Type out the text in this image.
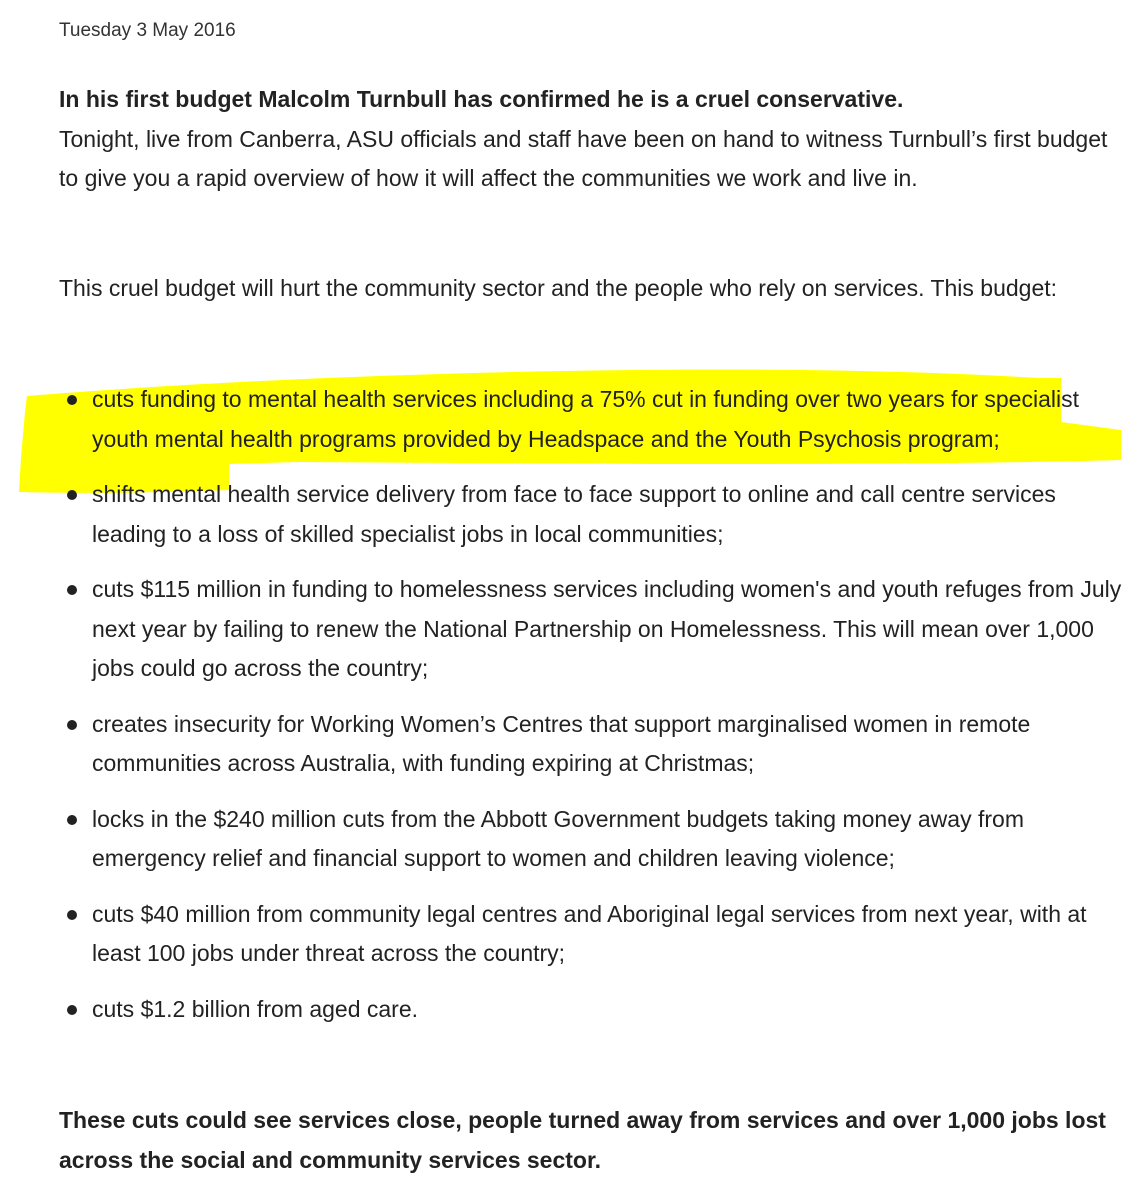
Tuesday 3 May 2016

In his first budget Malcolm Turnbull has confirmed he is a cruel conservative.
Tonight, live from Canberra, ASU officials and staff have been on hand to witness Turnbull’s first budget to give you a rapid overview of how it will affect the communities we work and live in.

This cruel budget will hurt the community sector and the people who rely on services. This budget:

cuts funding to mental health services including a 75% cut in funding over two years for specialist youth mental health programs provided by Headspace and the Youth Psychosis program;
shifts mental health service delivery from face to face support to online and call centre services leading to a loss of skilled specialist jobs in local communities;
cuts $115 million in funding to homelessness services including women's and youth refuges from July next year by failing to renew the National Partnership on Homelessness. This will mean over 1,000 jobs could go across the country;
creates insecurity for Working Women’s Centres that support marginalised women in remote communities across Australia, with funding expiring at Christmas;
locks in the $240 million cuts from the Abbott Government budgets taking money away from emergency relief and financial support to women and children leaving violence;
cuts $40 million from community legal centres and Aboriginal legal services from next year, with at least 100 jobs under threat across the country;
cuts $1.2 billion from aged care.

These cuts could see services close, people turned away from services and over 1,000 jobs lost across the social and community services sector.
